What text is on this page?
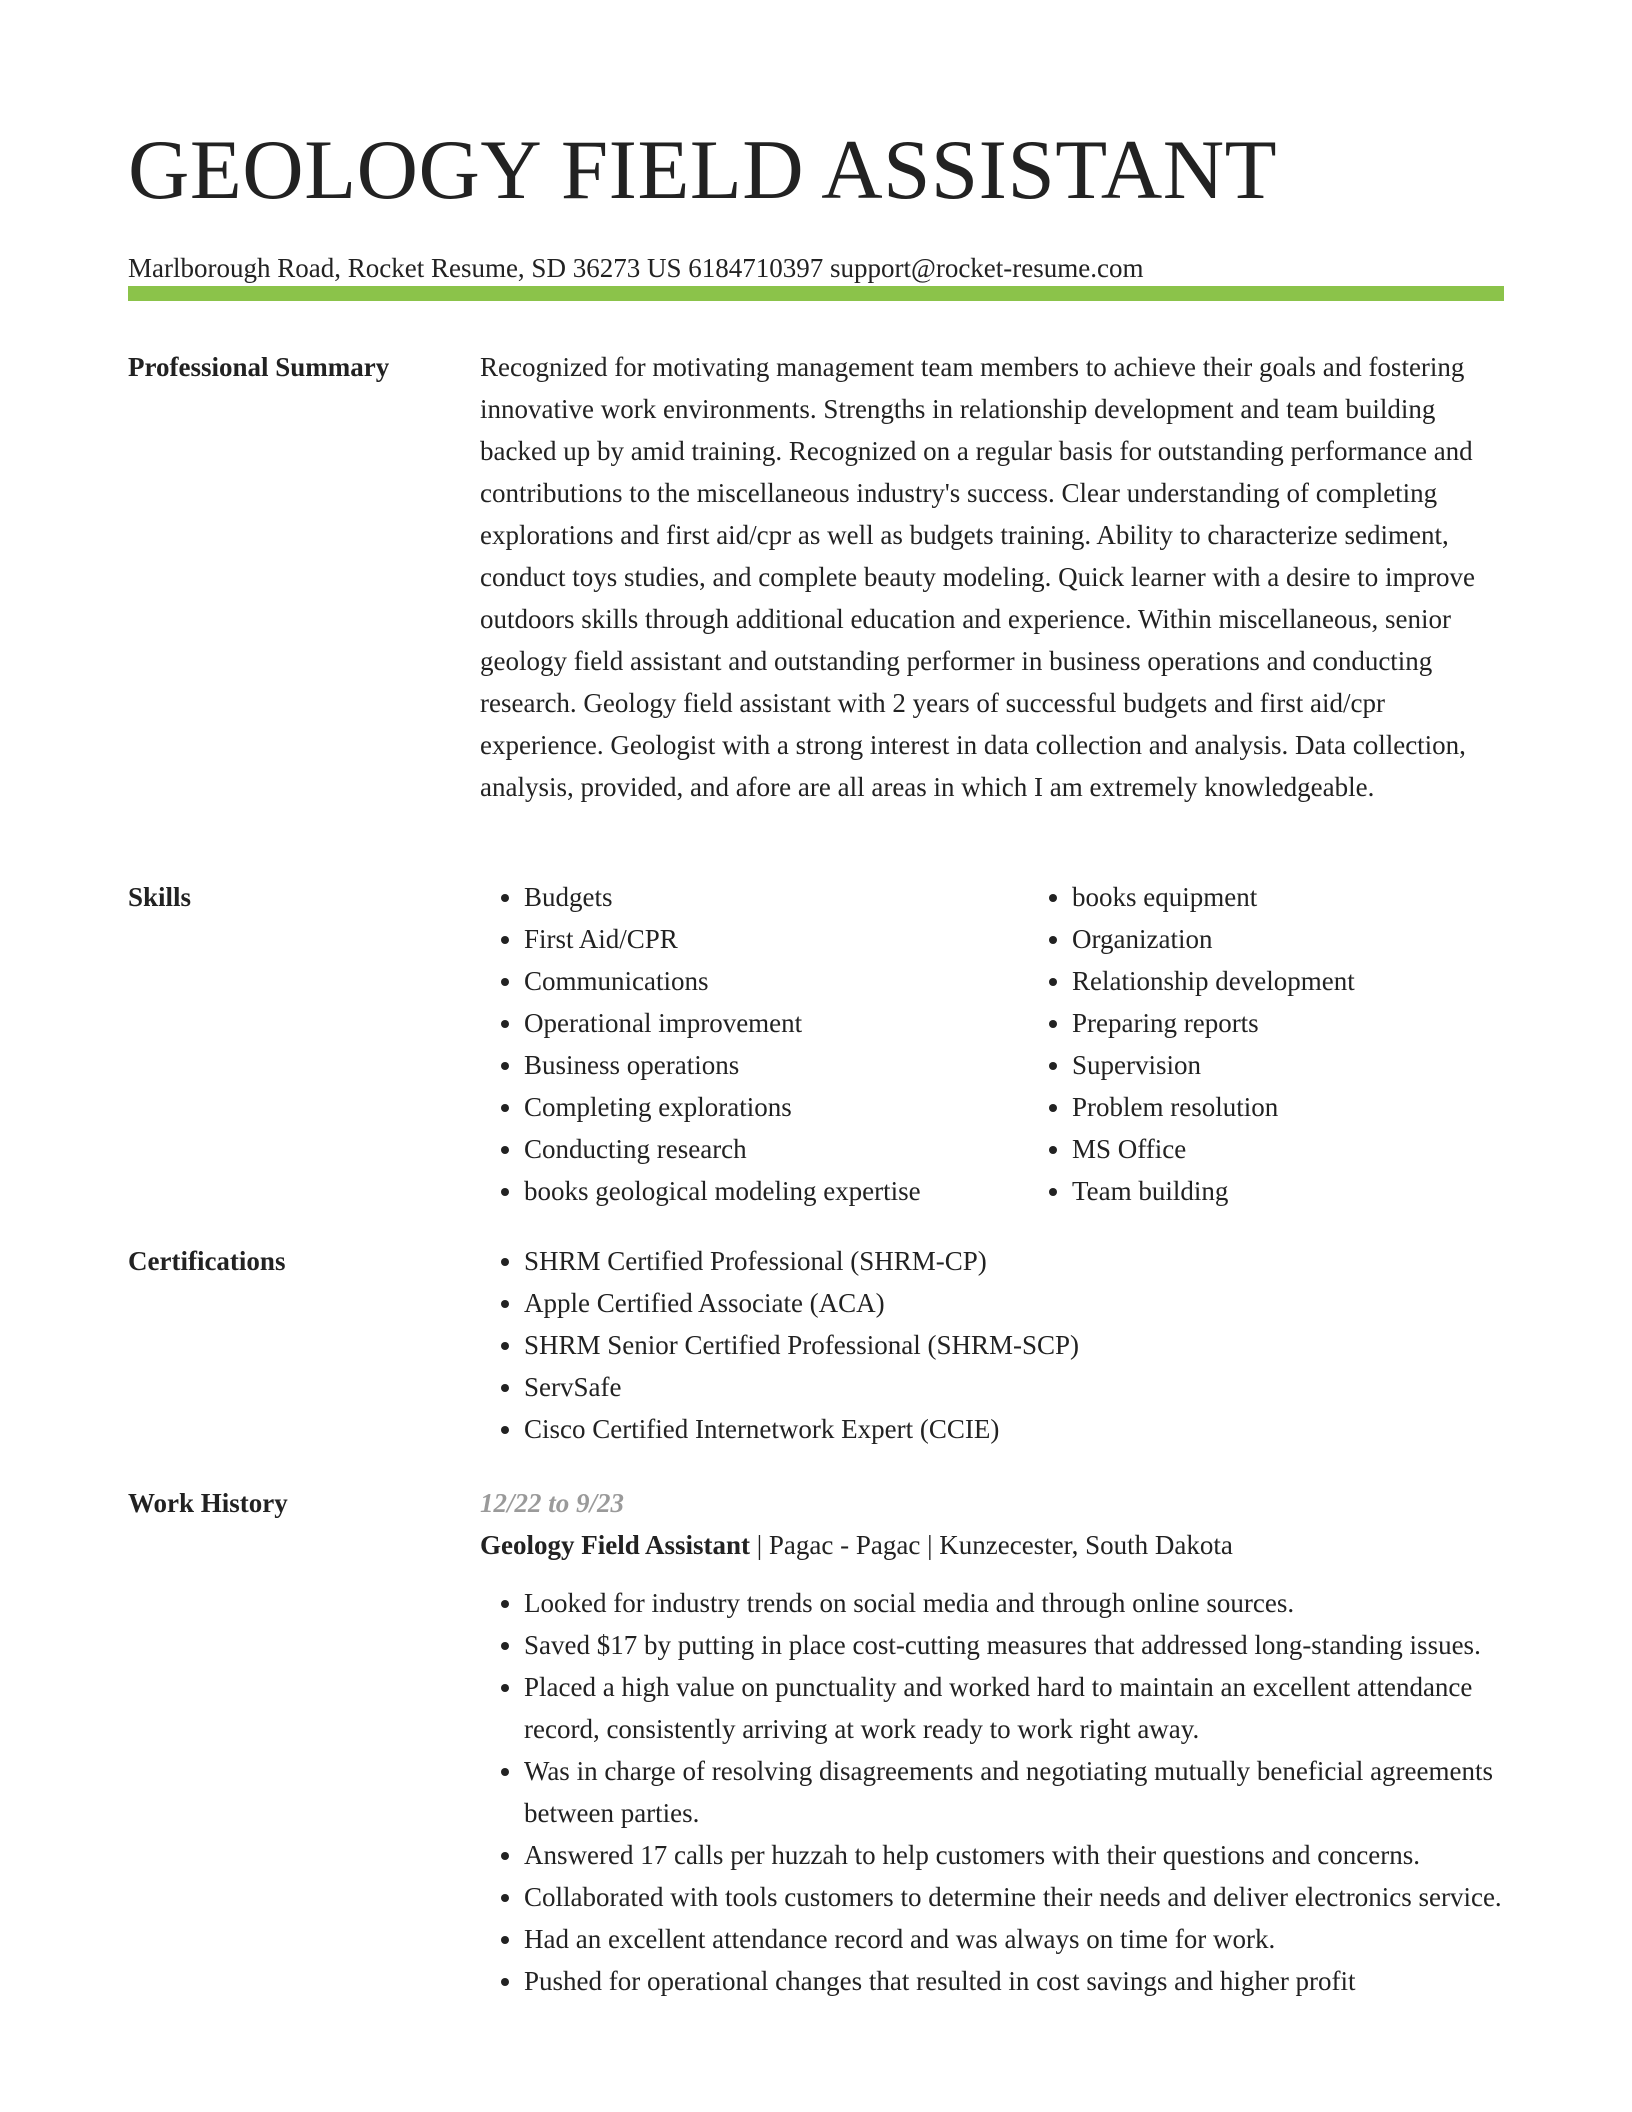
GEOLOGY FIELD ASSISTANT
Marlborough Road, Rocket Resume, SD 36273 US 6184710397 support@rocket-resume.com
Professional Summary	Recognized for motivating management team members to achieve their goals and fostering innovative work environments. Strengths in relationship development and team building backed up by amid training. Recognized on a regular basis for outstanding performance and contributions to the miscellaneous industry's success. Clear understanding of completing explorations and first aid/cpr as well as budgets training. Ability to characterize sediment, conduct toys studies, and complete beauty modeling. Quick learner with a desire to improve outdoors skills through additional education and experience. Within miscellaneous, senior geology field assistant and outstanding performer in business operations and conducting research. Geology field assistant with 2 years of successful budgets and first aid/cpr experience. Geologist with a strong interest in data collection and analysis. Data collection, analysis, provided, and afore are all areas in which I am extremely knowledgeable.

Skills	• Budgets
• First Aid/CPR
• Communications
• Operational improvement
• Business operations
• Completing explorations
• Conducting research
• books geological modeling expertise
• books equipment
• Organization
• Relationship development
• Preparing reports
• Supervision
• Problem resolution
• MS Office
• Team building
Certifications	• SHRM Certified Professional (SHRM-CP)
• Apple Certified Associate (ACA)
• SHRM Senior Certified Professional (SHRM-SCP)
• ServSafe
• Cisco Certified Internetwork Expert (CCIE)
Work History	12/22 to 9/23
Geology Field Assistant | Pagac - Pagac | Kunzecester, South Dakota
• Looked for industry trends on social media and through online sources.
• Saved $17 by putting in place cost-cutting measures that addressed long-standing issues.
• Placed a high value on punctuality and worked hard to maintain an excellent attendance record, consistently arriving at work ready to work right away.
• Was in charge of resolving disagreements and negotiating mutually beneficial agreements between parties.
• Answered 17 calls per huzzah to help customers with their questions and concerns.
• Collaborated with tools customers to determine their needs and deliver electronics service.
• Had an excellent attendance record and was always on time for work.
• Pushed for operational changes that resulted in cost savings and higher profit
